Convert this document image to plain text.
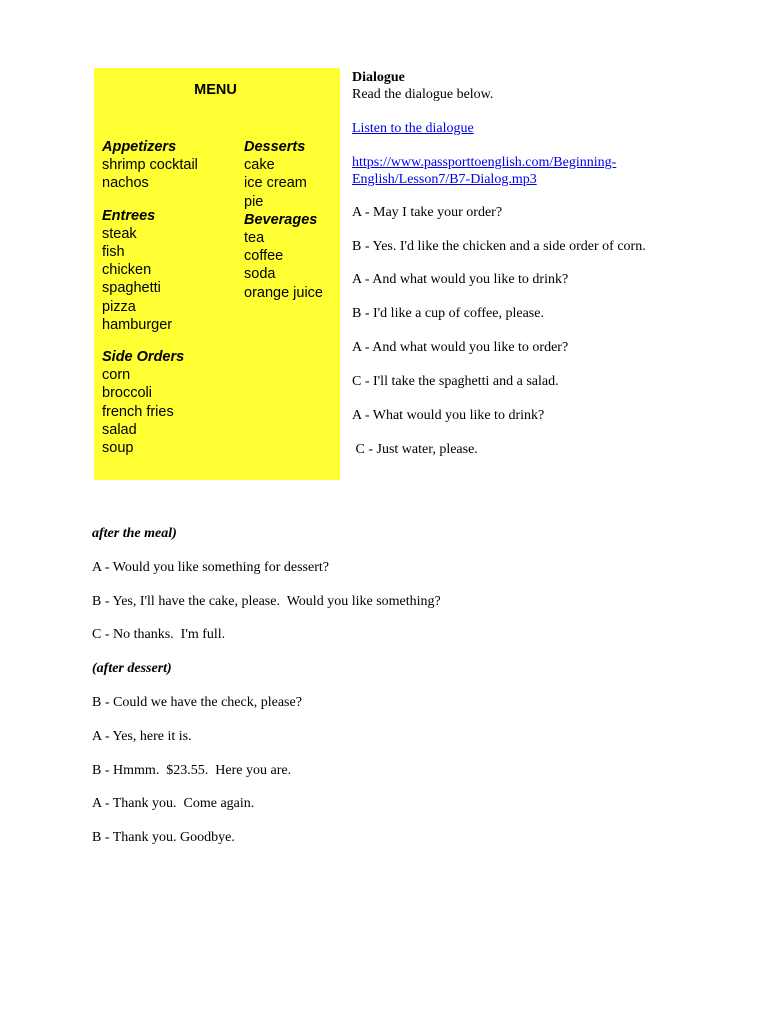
MENU
Appetizers
shrimp cocktail
nachos
Entrees
steak
fish
chicken
spaghetti
pizza
hamburger
Side Orders
corn
broccoli
french fries
salad
soup
Desserts
cake
ice cream
pie
Beverages
tea
coffee
soda
orange juice

Dialogue

Read the dialogue below.

Listen to the dialogue

https://www.passporttoenglish.com/Beginning-
English/Lesson7/B7-Dialog.mp3

A - May I take your order?

B - Yes. I'd like the chicken and a side order of corn.

A - And what would you like to drink?

B - I'd like a cup of coffee, please.

A - And what would you like to order?

C - I'll take the spaghetti and a salad.

A - What would you like to drink?

C - Just water, please.

after the meal)

A - Would you like something for dessert?

B - Yes, I'll have the cake, please.  Would you like something?

C - No thanks.  I'm full.

(after dessert)

B - Could we have the check, please?

A - Yes, here it is.

B - Hmmm.  $23.55.  Here you are.

A - Thank you.  Come again.

B - Thank you. Goodbye.
